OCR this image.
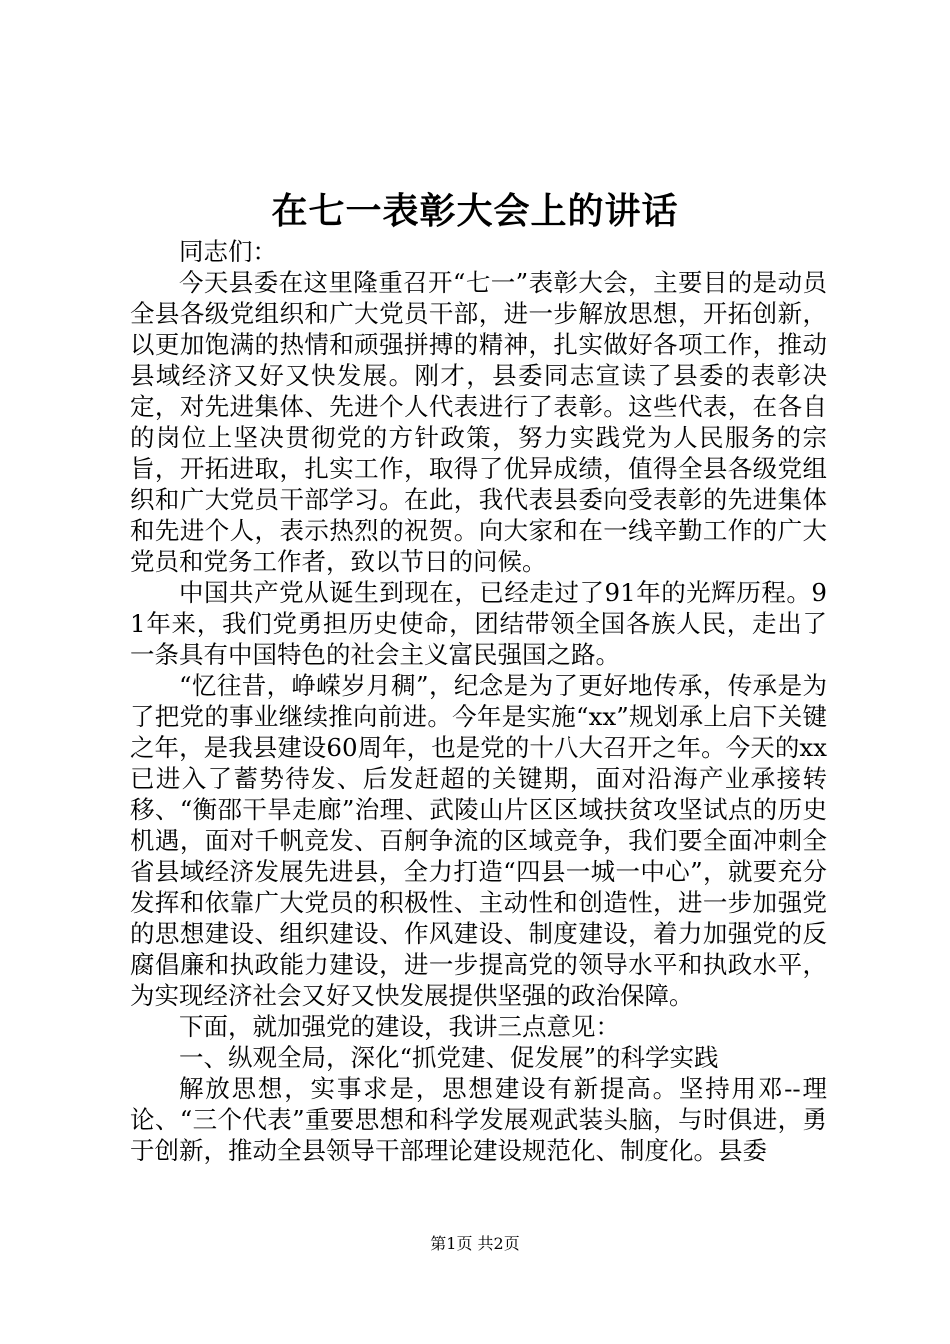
在七一表彰大会上的讲话

同志们：

今天县委在这里隆重召开“七一”表彰大会，主要目的是动员全县各级党组织和广大党员干部，进一步解放思想，开拓创新，以更加饱满的热情和顽强拼搏的精神，扎实做好各项工作，推动县域经济又好又快发展。刚才，县委同志宣读了县委的表彰决定，对先进集体、先进个人代表进行了表彰。这些代表，在各自的岗位上坚决贯彻党的方针政策，努力实践党为人民服务的宗旨，开拓进取，扎实工作，取得了优异成绩，值得全县各级党组织和广大党员干部学习。在此，我代表县委向受表彰的先进集体和先进个人，表示热烈的祝贺。向大家和在一线辛勤工作的广大党员和党务工作者，致以节日的问候。

中国共产党从诞生到现在，已经走过了91年的光辉历程。91年来，我们党勇担历史使命，团结带领全国各族人民，走出了一条具有中国特色的社会主义富民强国之路。

“忆往昔，峥嵘岁月稠”，纪念是为了更好地传承，传承是为了把党的事业继续推向前进。今年是实施“xx”规划承上启下关键之年，是我县建设60周年，也是党的十八大召开之年。今天的xx已进入了蓄势待发、后发赶超的关键期，面对沿海产业承接转移、“衡邵干旱走廊”治理、武陵山片区区域扶贫攻坚试点的历史机遇，面对千帆竞发、百舸争流的区域竞争，我们要全面冲刺全省县域经济发展先进县，全力打造“四县一城一中心”，就要充分发挥和依靠广大党员的积极性、主动性和创造性，进一步加强党的思想建设、组织建设、作风建设、制度建设，着力加强党的反腐倡廉和执政能力建设，进一步提高党的领导水平和执政水平，为实现经济社会又好又快发展提供坚强的政治保障。

下面，就加强党的建设，我讲三点意见：

一、纵观全局，深化“抓党建、促发展”的科学实践

解放思想，实事求是，思想建设有新提高。坚持用邓--理论、“三个代表”重要思想和科学发展观武装头脑，与时俱进，勇于创新，推动全县领导干部理论建设规范化、制度化。县委

第1页 共2页
